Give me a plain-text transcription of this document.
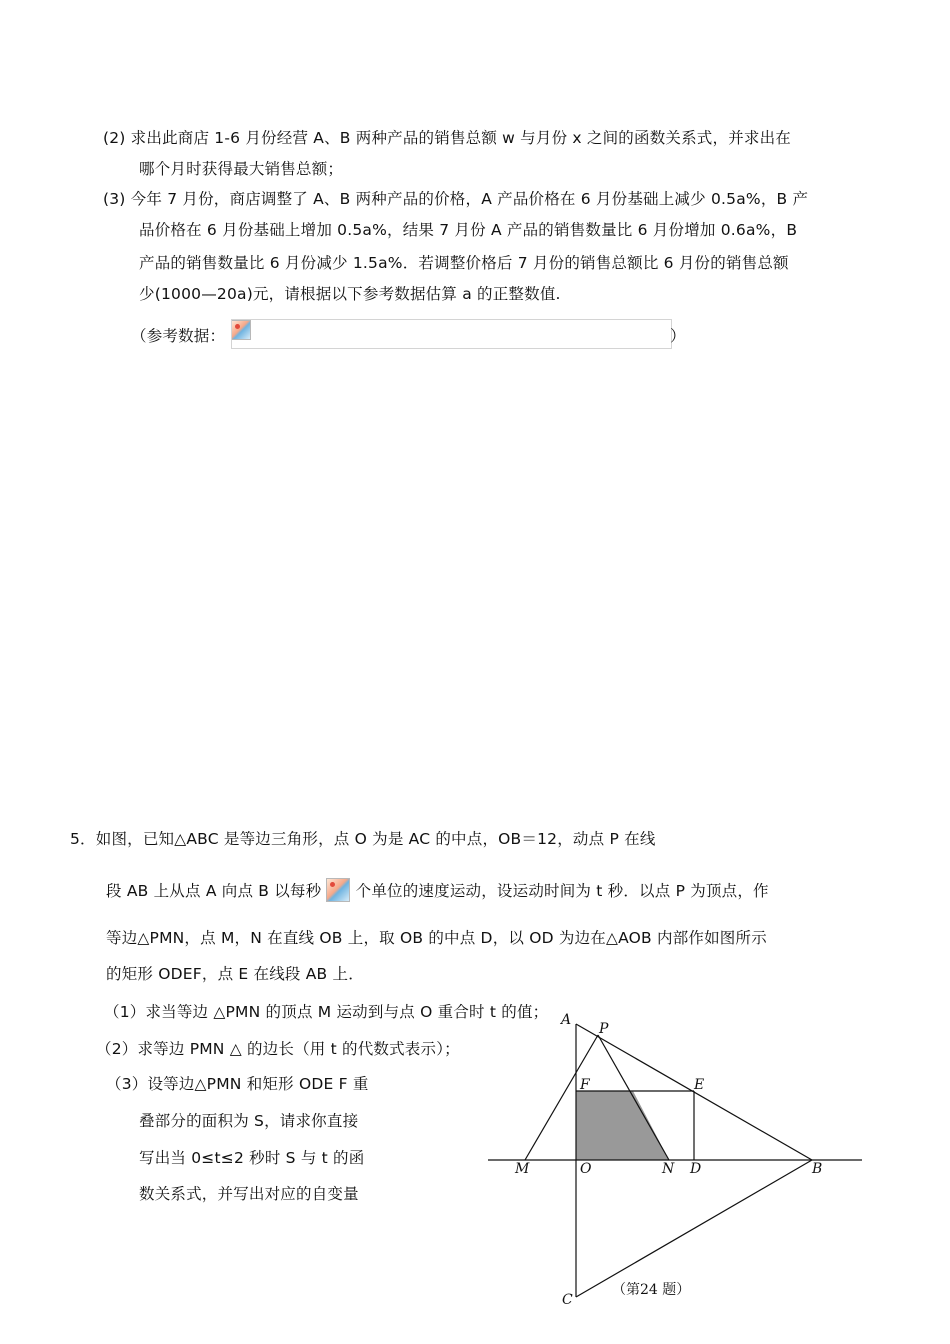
(2) 求出此商店 1-6 月份经营 A、B 两种产品的销售总额 w 与月份 x 之间的函数关系式，并求出在
哪个月时获得最大销售总额；
(3) 今年 7 月份，商店调整了 A、B 两种产品的价格，A 产品价格在 6 月份基础上减少 0.5a%，B 产
品价格在 6 月份基础上增加 0.5a%，结果 7 月份 A 产品的销售数量比 6 月份增加 0.6a%，B
产品的销售数量比 6 月份减少 1.5a%．若调整价格后 7 月份的销售总额比 6 月份的销售总额
少(1000—20a)元，请根据以下参考数据估算 a 的正整数值.
（参考数据：	）
5．如图，已知△ABC 是等边三角形，点 O 为是 AC 的中点，OB＝12，动点 P 在线
段 AB 上从点 A 向点 B 以每秒 个单位的速度运动，设运动时间为 t 秒．以点 P 为顶点，作
等边△PMN，点 M，N 在直线 OB 上，取 OB 的中点 D，以 OD 为边在△AOB 内部作如图所示
的矩形 ODEF，点 E 在线段 AB 上．
（1）求当等边 △PMN 的顶点 M 运动到与点 O 重合时 t 的值；
（2）求等边 PMN △ 的边长（用 t 的代数式表示）；
（3）设等边△PMN 和矩形 ODE F 重
叠部分的面积为 S，请求你直接
写出当 0≤t≤2 秒时 S 与 t 的函
数关系式，并写出对应的自变量
A
P
F	E
M	O	N D	B
C
（第24 题）
